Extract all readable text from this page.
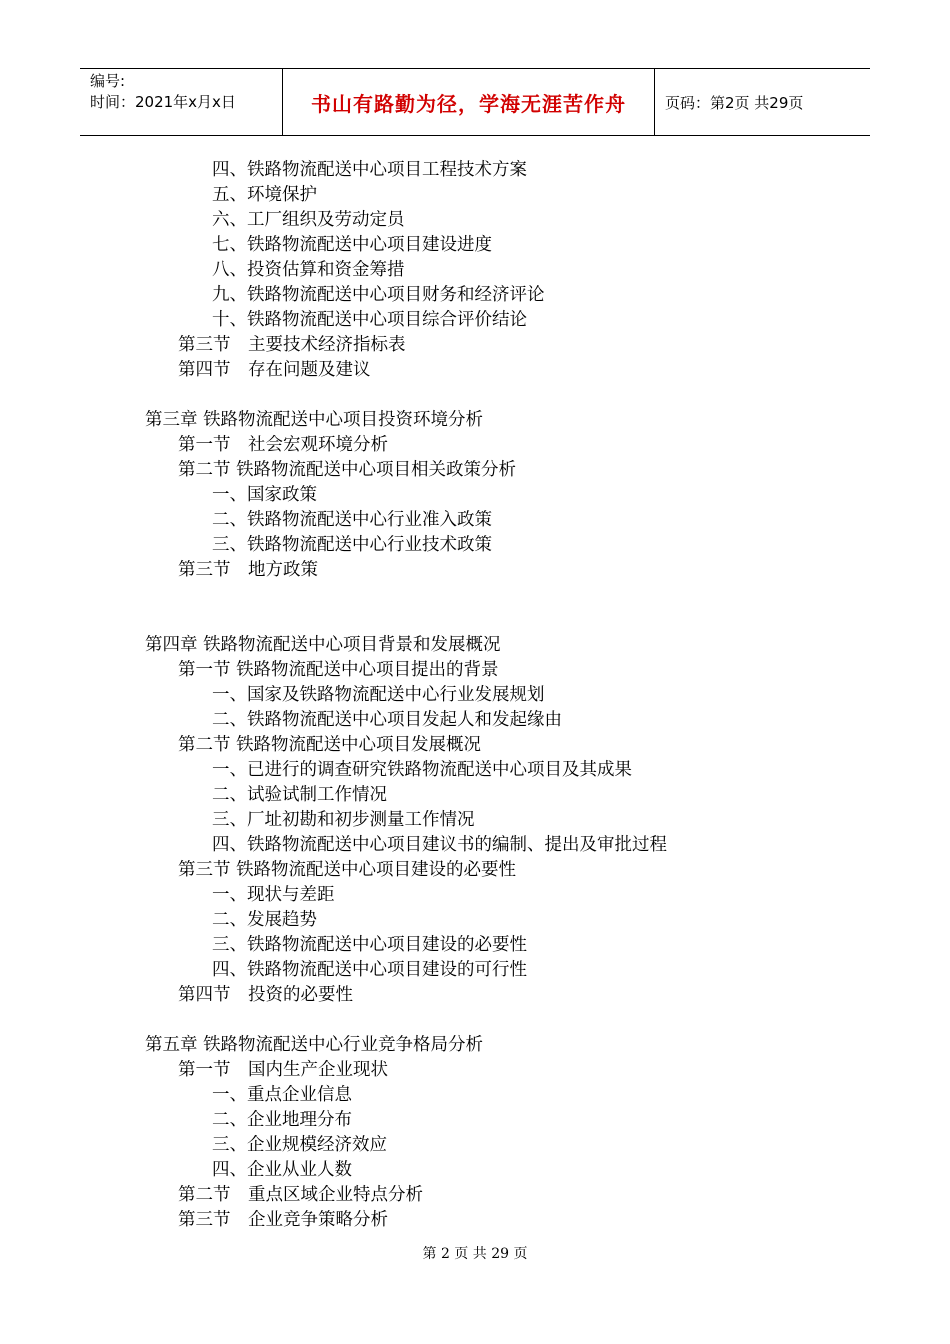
编号:
时间：2021年x月x日	书山有路勤为径，学海无涯苦作舟	页码：第2页 共29页
四、铁路物流配送中心项目工程技术方案
五、环境保护
六、工厂组织及劳动定员
七、铁路物流配送中心项目建设进度
八、投资估算和资金筹措
九、铁路物流配送中心项目财务和经济评论
十、铁路物流配送中心项目综合评价结论
第三节　主要技术经济指标表
第四节　存在问题及建议
第三章 铁路物流配送中心项目投资环境分析
第一节　社会宏观环境分析
第二节 铁路物流配送中心项目相关政策分析
一、国家政策
二、铁路物流配送中心行业准入政策
三、铁路物流配送中心行业技术政策
第三节　地方政策
第四章 铁路物流配送中心项目背景和发展概况
第一节 铁路物流配送中心项目提出的背景
一、国家及铁路物流配送中心行业发展规划
二、铁路物流配送中心项目发起人和发起缘由
第二节 铁路物流配送中心项目发展概况
一、已进行的调查研究铁路物流配送中心项目及其成果
二、试验试制工作情况
三、厂址初勘和初步测量工作情况
四、铁路物流配送中心项目建议书的编制、提出及审批过程
第三节 铁路物流配送中心项目建设的必要性
一、现状与差距
二、发展趋势
三、铁路物流配送中心项目建设的必要性
四、铁路物流配送中心项目建设的可行性
第四节　投资的必要性
第五章 铁路物流配送中心行业竞争格局分析
第一节　国内生产企业现状
一、重点企业信息
二、企业地理分布
三、企业规模经济效应
四、企业从业人数
第二节　重点区域企业特点分析
第三节　企业竞争策略分析
第 2 页 共 29 页
